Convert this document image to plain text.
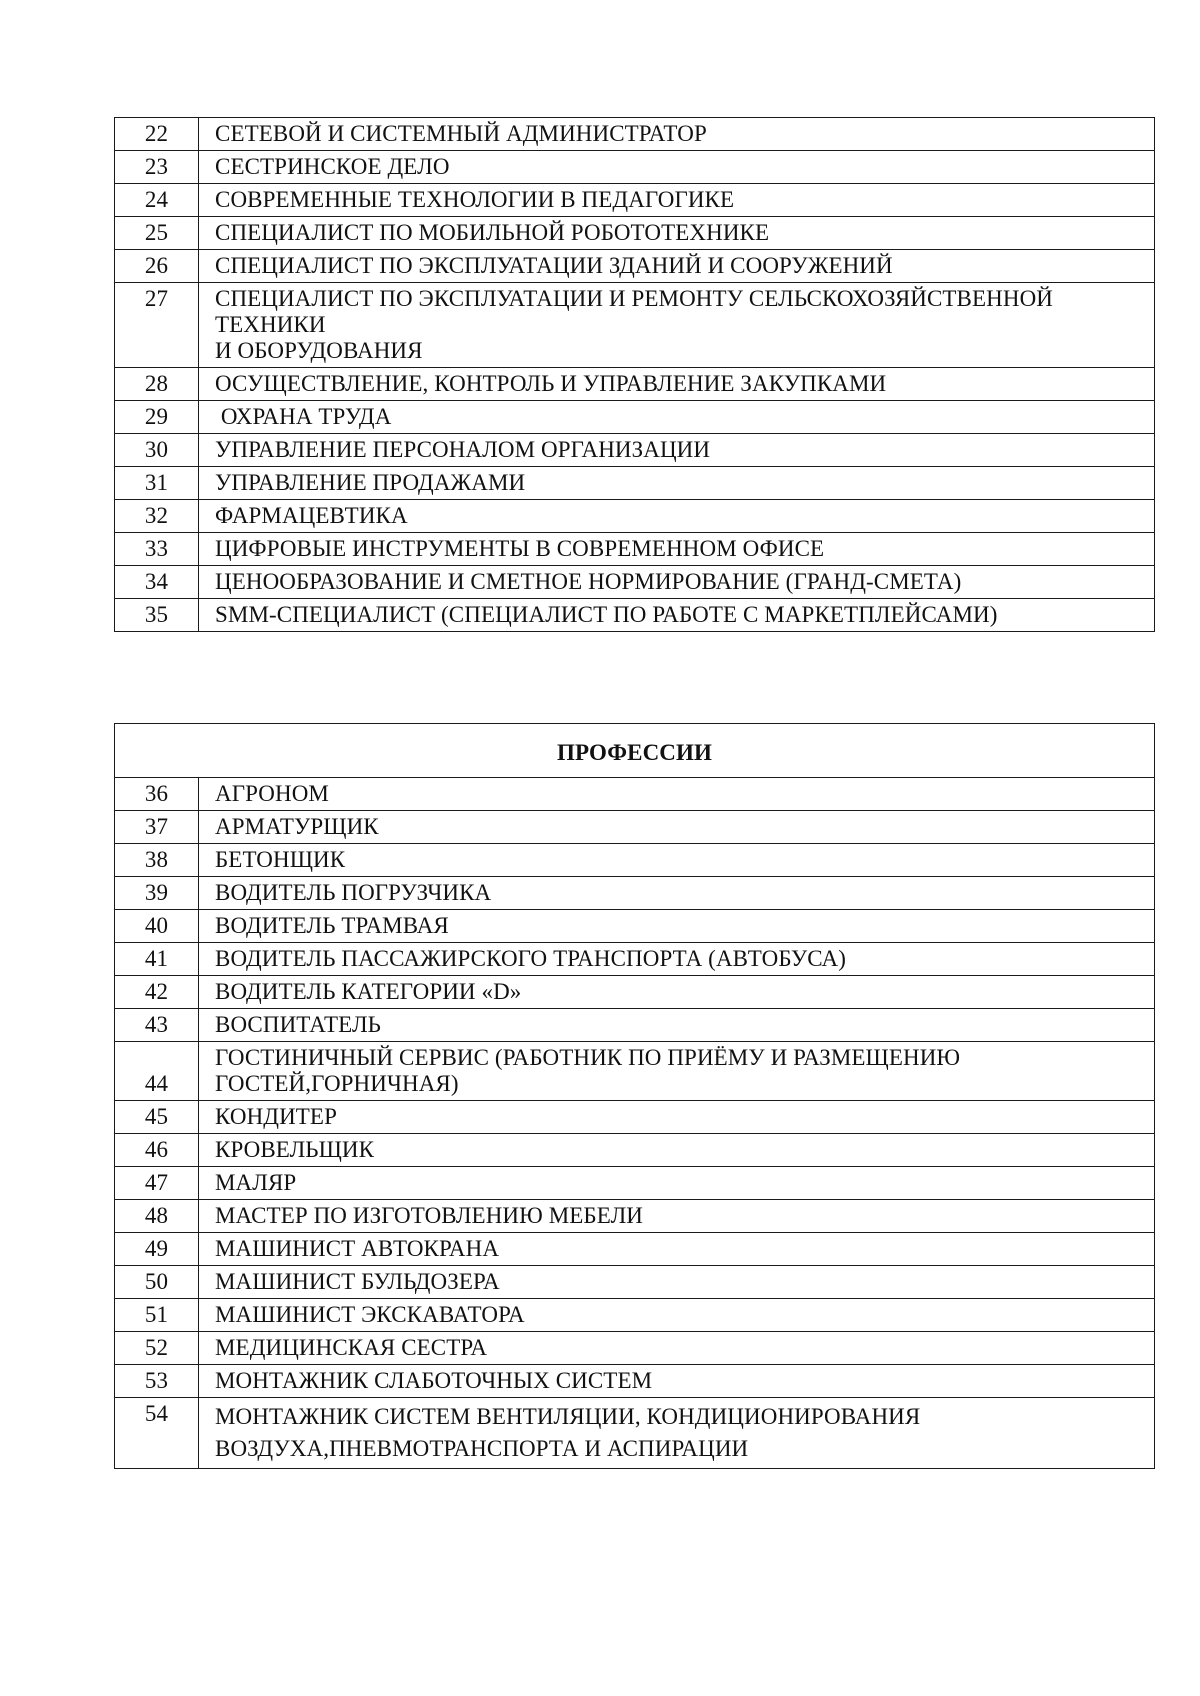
22	СЕТЕВОЙ И СИСТЕМНЫЙ АДМИНИСТРАТОР
23	СЕСТРИНСКОЕ ДЕЛО
24	СОВРЕМЕННЫЕ ТЕХНОЛОГИИ В ПЕДАГОГИКЕ
25	СПЕЦИАЛИСТ ПО МОБИЛЬНОЙ РОБОТОТЕХНИКЕ
26	СПЕЦИАЛИСТ ПО ЭКСПЛУАТАЦИИ ЗДАНИЙ И СООРУЖЕНИЙ
27	СПЕЦИАЛИСТ ПО ЭКСПЛУАТАЦИИ И РЕМОНТУ СЕЛЬСКОХОЗЯЙСТВЕННОЙ ТЕХНИКИ
И ОБОРУДОВАНИЯ
28	ОСУЩЕСТВЛЕНИЕ, КОНТРОЛЬ И УПРАВЛЕНИЕ ЗАКУПКАМИ
29	ОХРАНА ТРУДА
30	УПРАВЛЕНИЕ ПЕРСОНАЛОМ ОРГАНИЗАЦИИ
31	УПРАВЛЕНИЕ ПРОДАЖАМИ
32	ФАРМАЦЕВТИКА
33	ЦИФРОВЫЕ ИНСТРУМЕНТЫ В СОВРЕМЕННОМ ОФИСЕ
34	ЦЕНООБРАЗОВАНИЕ И СМЕТНОЕ НОРМИРОВАНИЕ (ГРАНД-СМЕТА)
35	SMM-СПЕЦИАЛИСТ (СПЕЦИАЛИСТ ПО РАБОТЕ С МАРКЕТПЛЕЙСАМИ)
ПРОФЕССИИ	
36	АГРОНОМ
37	АРМАТУРЩИК
38	БЕТОНЩИК
39	ВОДИТЕЛЬ ПОГРУЗЧИКА
40	ВОДИТЕЛЬ ТРАМВАЯ
41	ВОДИТЕЛЬ ПАССАЖИРСКОГО ТРАНСПОРТА (АВТОБУСА)
42	ВОДИТЕЛЬ КАТЕГОРИИ «D»
43	ВОСПИТАТЕЛЬ
44	ГОСТИНИЧНЫЙ СЕРВИС (РАБОТНИК ПО ПРИЁМУ И РАЗМЕЩЕНИЮ ГОСТЕЙ,ГОРНИЧНАЯ)
45	КОНДИТЕР
46	КРОВЕЛЬЩИК
47	МАЛЯР
48	МАСТЕР ПО ИЗГОТОВЛЕНИЮ МЕБЕЛИ
49	МАШИНИСТ АВТОКРАНА
50	МАШИНИСТ БУЛЬДОЗЕРА
51	МАШИНИСТ ЭКСКАВАТОРА
52	МЕДИЦИНСКАЯ СЕСТРА
53	МОНТАЖНИК СЛАБОТОЧНЫХ СИСТЕМ
54	МОНТАЖНИК СИСТЕМ ВЕНТИЛЯЦИИ, КОНДИЦИОНИРОВАНИЯ ВОЗДУХА,ПНЕВМОТРАНСПОРТА И АСПИРАЦИИ
